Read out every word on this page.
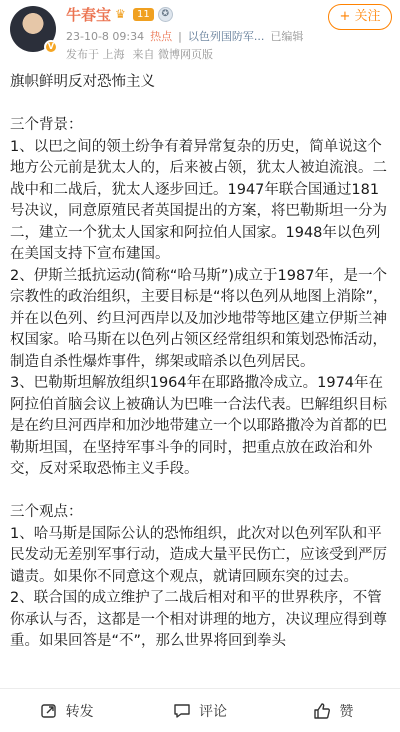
V
牛春宝 ♛	11	✪	+ 关注
23-10-8 09:34 热点 | 以色列国防军... 已编辑
发布于 上海 来自 微博网页版

旗帜鲜明反对恐怖主义

三个背景：

1、以巴之间的领土纷争有着异常复杂的历史，简单说这个地方公元前是犹太人的，后来被占领，犹太人被迫流浪。二战中和二战后，犹太人逐步回迁。1947年联合国通过181号决议，同意原殖民者英国提出的方案，将巴勒斯坦一分为二，建立一个犹太人国家和阿拉伯人国家。1948年以色列在美国支持下宣布建国。

2、伊斯兰抵抗运动(简称“哈马斯”)成立于1987年，是一个宗教性的政治组织，主要目标是“将以色列从地图上消除”，并在以色列、约旦河西岸以及加沙地带等地区建立伊斯兰神权国家。哈马斯在以色列占领区经常组织和策划恐怖活动，制造自杀性爆炸事件，绑架或暗杀以色列居民。

3、巴勒斯坦解放组织1964年在耶路撒冷成立。1974年在阿拉伯首脑会议上被确认为巴唯一合法代表。巴解组织目标是在约旦河西岸和加沙地带建立一个以耶路撒冷为首都的巴勒斯坦国，在坚持军事斗争的同时，把重点放在政治和外交，反对采取恐怖主义手段。

三个观点：

1、哈马斯是国际公认的恐怖组织，此次对以色列军队和平民发动无差别军事行动，造成大量平民伤亡，应该受到严厉谴责。如果你不同意这个观点，就请回顾东突的过去。

2、联合国的成立维护了二战后相对和平的世界秩序，不管你承认与否，这都是一个相对讲理的地方，决议理应得到尊重。如果回答是“不”，那么世界将回到拳头

转发	评论	赞
